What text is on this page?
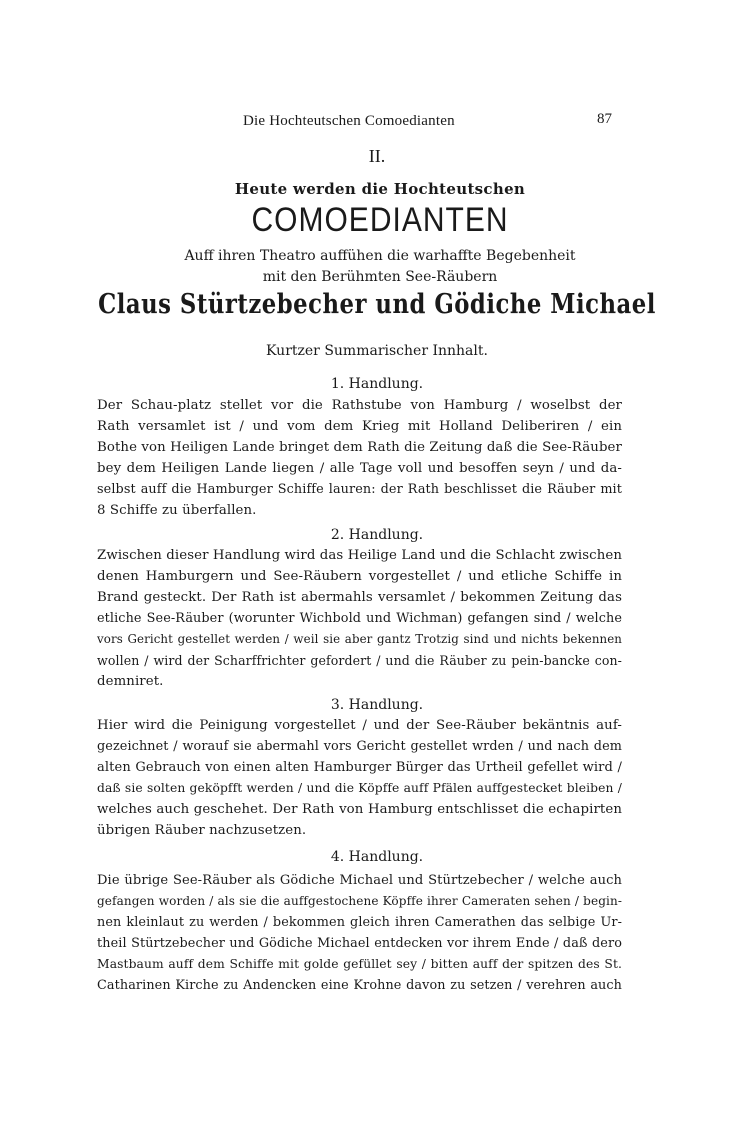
Die Hochteutschen Comoedianten	87
II.
Heute werden die Hochteutschen
COMOEDIANTEN
Auff ihren Theatro auffühen die warhaffte Begebenheit
mit den Berühmten See-Räubern
Claus Stürtzebecher und Gödiche Michael
Kurtzer Summarischer Innhalt.
1. Handlung.
Der Schau-platz stellet vor die Rathstube von Hamburg / woselbst der
Rath versamlet ist / und vom dem Krieg mit Holland Deliberiren / ein
Bothe von Heiligen Lande bringet dem Rath die Zeitung daß die See-Räuber
bey dem Heiligen Lande liegen / alle Tage voll und besoffen seyn / und da-
selbst auff die Hamburger Schiffe lauren: der Rath beschlisset die Räuber mit
8 Schiffe zu überfallen.
2. Handlung.
Zwischen dieser Handlung wird das Heilige Land und die Schlacht zwischen
denen Hamburgern und See-Räubern vorgestellet / und etliche Schiffe in
Brand gesteckt. Der Rath ist abermahls versamlet / bekommen Zeitung das
etliche See-Räuber (worunter Wichbold und Wichman) gefangen sind / welche
vors Gericht gestellet werden / weil sie aber gantz Trotzig sind und nichts bekennen
wollen / wird der Scharffrichter gefordert / und die Räuber zu pein-bancke con-
demniret.
3. Handlung.
Hier wird die Peinigung vorgestellet / und der See-Räuber bekäntnis auf-
gezeichnet / worauf sie abermahl vors Gericht gestellet wrden / und nach dem
alten Gebrauch von einen alten Hamburger Bürger das Urtheil gefellet wird /
daß sie solten geköpfft werden / und die Köpffe auff Pfälen auffgestecket bleiben /
welches auch geschehet. Der Rath von Hamburg entschlisset die echapirten
übrigen Räuber nachzusetzen.
4. Handlung.
Die übrige See-Räuber als Gödiche Michael und Stürtzebecher / welche auch
gefangen worden / als sie die auffgestochene Köpffe ihrer Cameraten sehen / begin-
nen kleinlaut zu werden / bekommen gleich ihren Camerathen das selbige Ur-
theil Stürtzebecher und Gödiche Michael entdecken vor ihrem Ende / daß dero
Mastbaum auff dem Schiffe mit golde gefüllet sey / bitten auff der spitzen des St.
Catharinen Kirche zu Andencken eine Krohne davon zu setzen / verehren auch
